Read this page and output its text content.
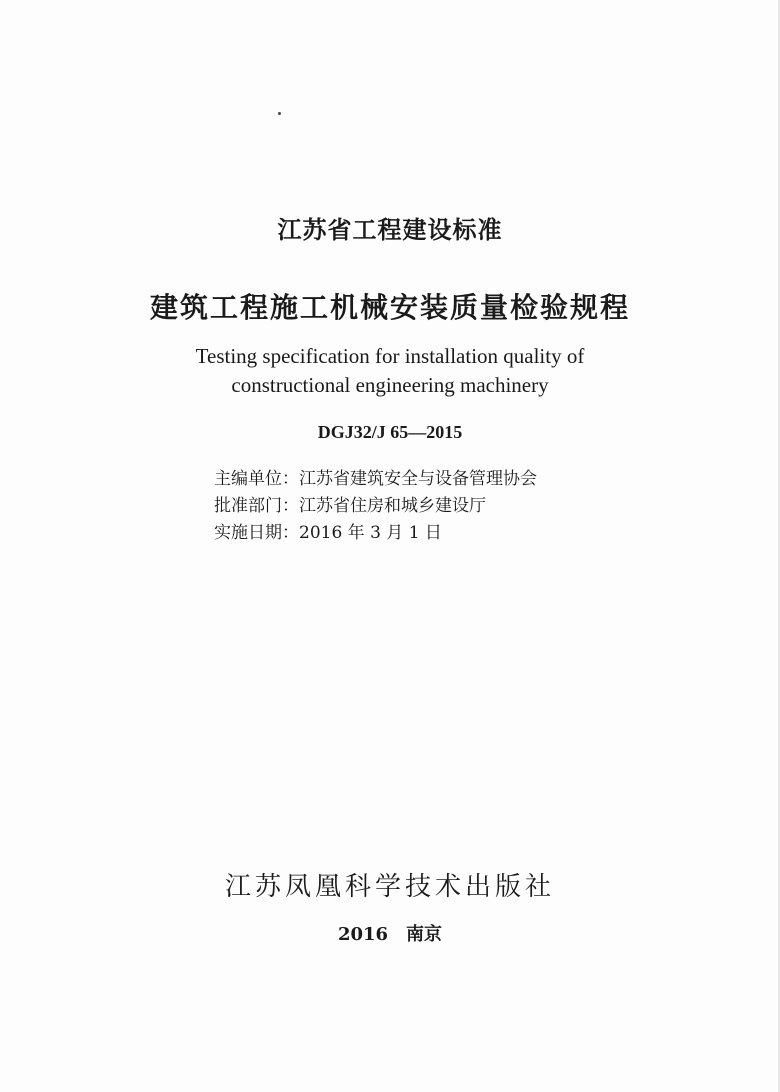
江苏省工程建设标准
建筑工程施工机械安装质量检验规程
Testing specification for installation quality of
constructional engineering machinery
DGJ32/J 65—2015
主编单位：江苏省建筑安全与设备管理协会
批准部门：江苏省住房和城乡建设厅
实施日期：2016 年 3 月 1 日
江苏凤凰科学技术出版社
2016 南京
